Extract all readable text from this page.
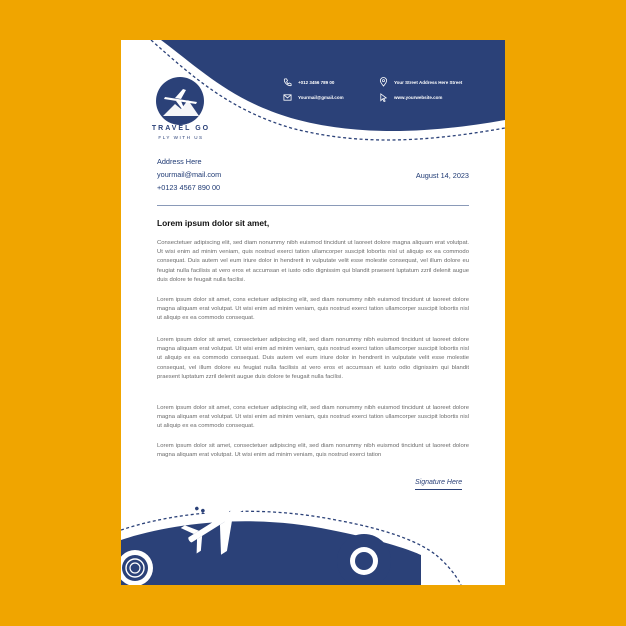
TRAVEL GO
FLY WITH US
+012 3456 789 00
Yourmail@gmail.com
Your Street Address Here Street
www.yourwebsite.com
Address Here
yourmail@mail.com
+0123 4567 890 00
August 14, 2023
Lorem ipsum dolor sit amet,

Consectetuer adipiscing elit, sed diam nonummy nibh euismod tincidunt ut laoreet dolore magna aliquam erat volutpat. Ut wisi enim ad minim veniam, quis nostrud exerci tation ullamcorper suscipit lobortis nisl ut aliquip ex ea commodo consequat. Duis autem vel eum iriure dolor in hendrerit in vulputate velit esse molestie consequat, vel illum dolore eu feugiat nulla facilisis at vero eros et accumsan et iusto odio dignissim qui blandit praesent luptatum zzril delenit augue duis dolore te feugait nulla facilisi.

Lorem ipsum dolor sit amet, cons ectetuer adipiscing elit, sed diam nonummy nibh euismod tincidunt ut laoreet dolore magna aliquam erat volutpat. Ut wisi enim ad minim veniam, quis nostrud exerci tation ullamcorper suscipit lobortis nisl ut aliquip ex ea commodo consequat.

Lorem ipsum dolor sit amet, consectetuer adipiscing elit, sed diam nonummy nibh euismod tincidunt ut laoreet dolore magna aliquam erat volutpat. Ut wisi enim ad minim veniam, quis nostrud exerci tation ullamcorper suscipit lobortis nisl ut aliquip ex ea commodo consequat. Duis autem vel eum iriure dolor in hendrerit in vulputate velit esse molestie consequat, vel illum dolore eu feugiat nulla facilisis at vero eros et accumsan et iusto odio dignissim qui blandit praesent luptatum zzril delenit augue duis dolore te feugait nulla facilisi.

Lorem ipsum dolor sit amet, cons ectetuer adipiscing elit, sed diam nonummy nibh euismod tincidunt ut laoreet dolore magna aliquam erat volutpat. Ut wisi enim ad minim veniam, quis nostrud exerci tation ullamcorper suscipit lobortis nisl ut aliquip ex ea commodo consequat.

Lorem ipsum dolor sit amet, consectetuer adipiscing elit, sed diam nonummy nibh euismod tincidunt ut laoreet dolore magna aliquam erat volutpat. Ut wisi enim ad minim veniam, quis nostrud exerci tation

Signature Here
